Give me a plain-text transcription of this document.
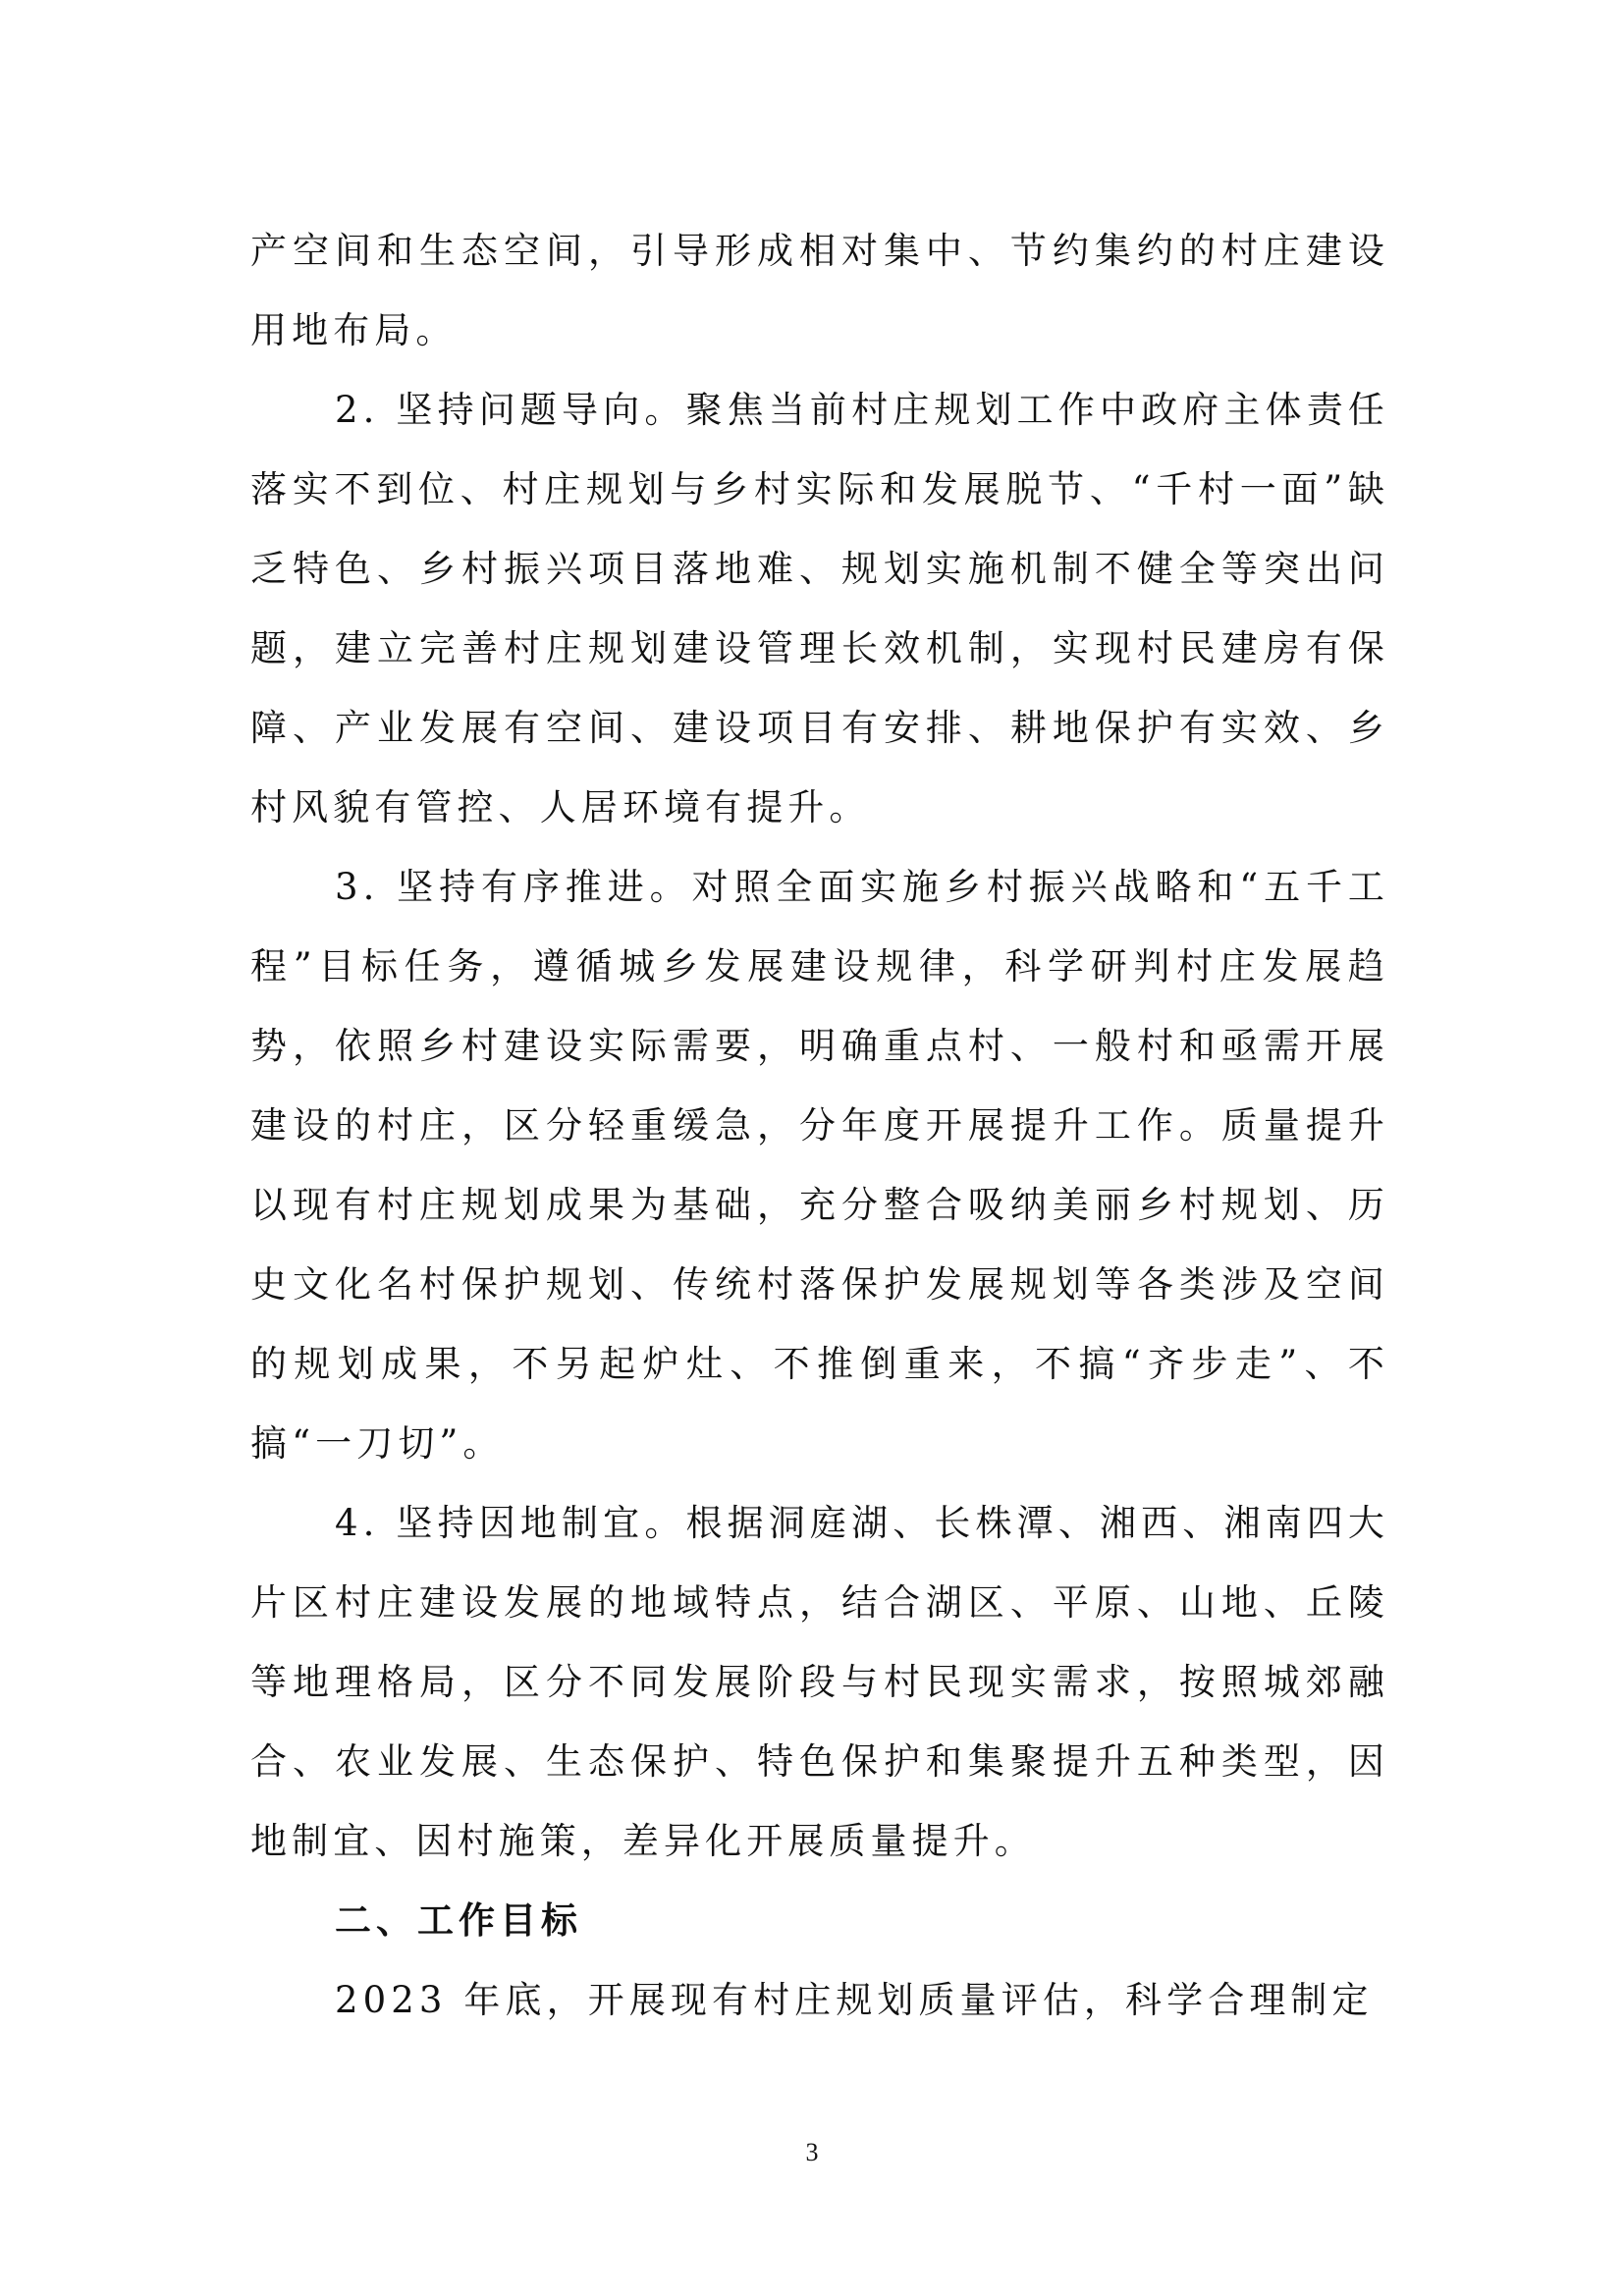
产空间和生态空间，引导形成相对集中、节约集约的村庄建设用地布局。

2. 坚持问题导向。聚焦当前村庄规划工作中政府主体责任落实不到位、村庄规划与乡村实际和发展脱节、“千村一面”缺乏特色、乡村振兴项目落地难、规划实施机制不健全等突出问题，建立完善村庄规划建设管理长效机制，实现村民建房有保障、产业发展有空间、建设项目有安排、耕地保护有实效、乡村风貌有管控、人居环境有提升。

3. 坚持有序推进。对照全面实施乡村振兴战略和“五千工程”目标任务，遵循城乡发展建设规律，科学研判村庄发展趋势，依照乡村建设实际需要，明确重点村、一般村和亟需开展建设的村庄，区分轻重缓急，分年度开展提升工作。质量提升以现有村庄规划成果为基础，充分整合吸纳美丽乡村规划、历史文化名村保护规划、传统村落保护发展规划等各类涉及空间的规划成果，不另起炉灶、不推倒重来，不搞“齐步走”、不搞“一刀切”。

4. 坚持因地制宜。根据洞庭湖、长株潭、湘西、湘南四大片区村庄建设发展的地域特点，结合湖区、平原、山地、丘陵等地理格局，区分不同发展阶段与村民现实需求，按照城郊融合、农业发展、生态保护、特色保护和集聚提升五种类型，因地制宜、因村施策，差异化开展质量提升。

二、工作目标

2023 年底，开展现有村庄规划质量评估，科学合理制定

3
